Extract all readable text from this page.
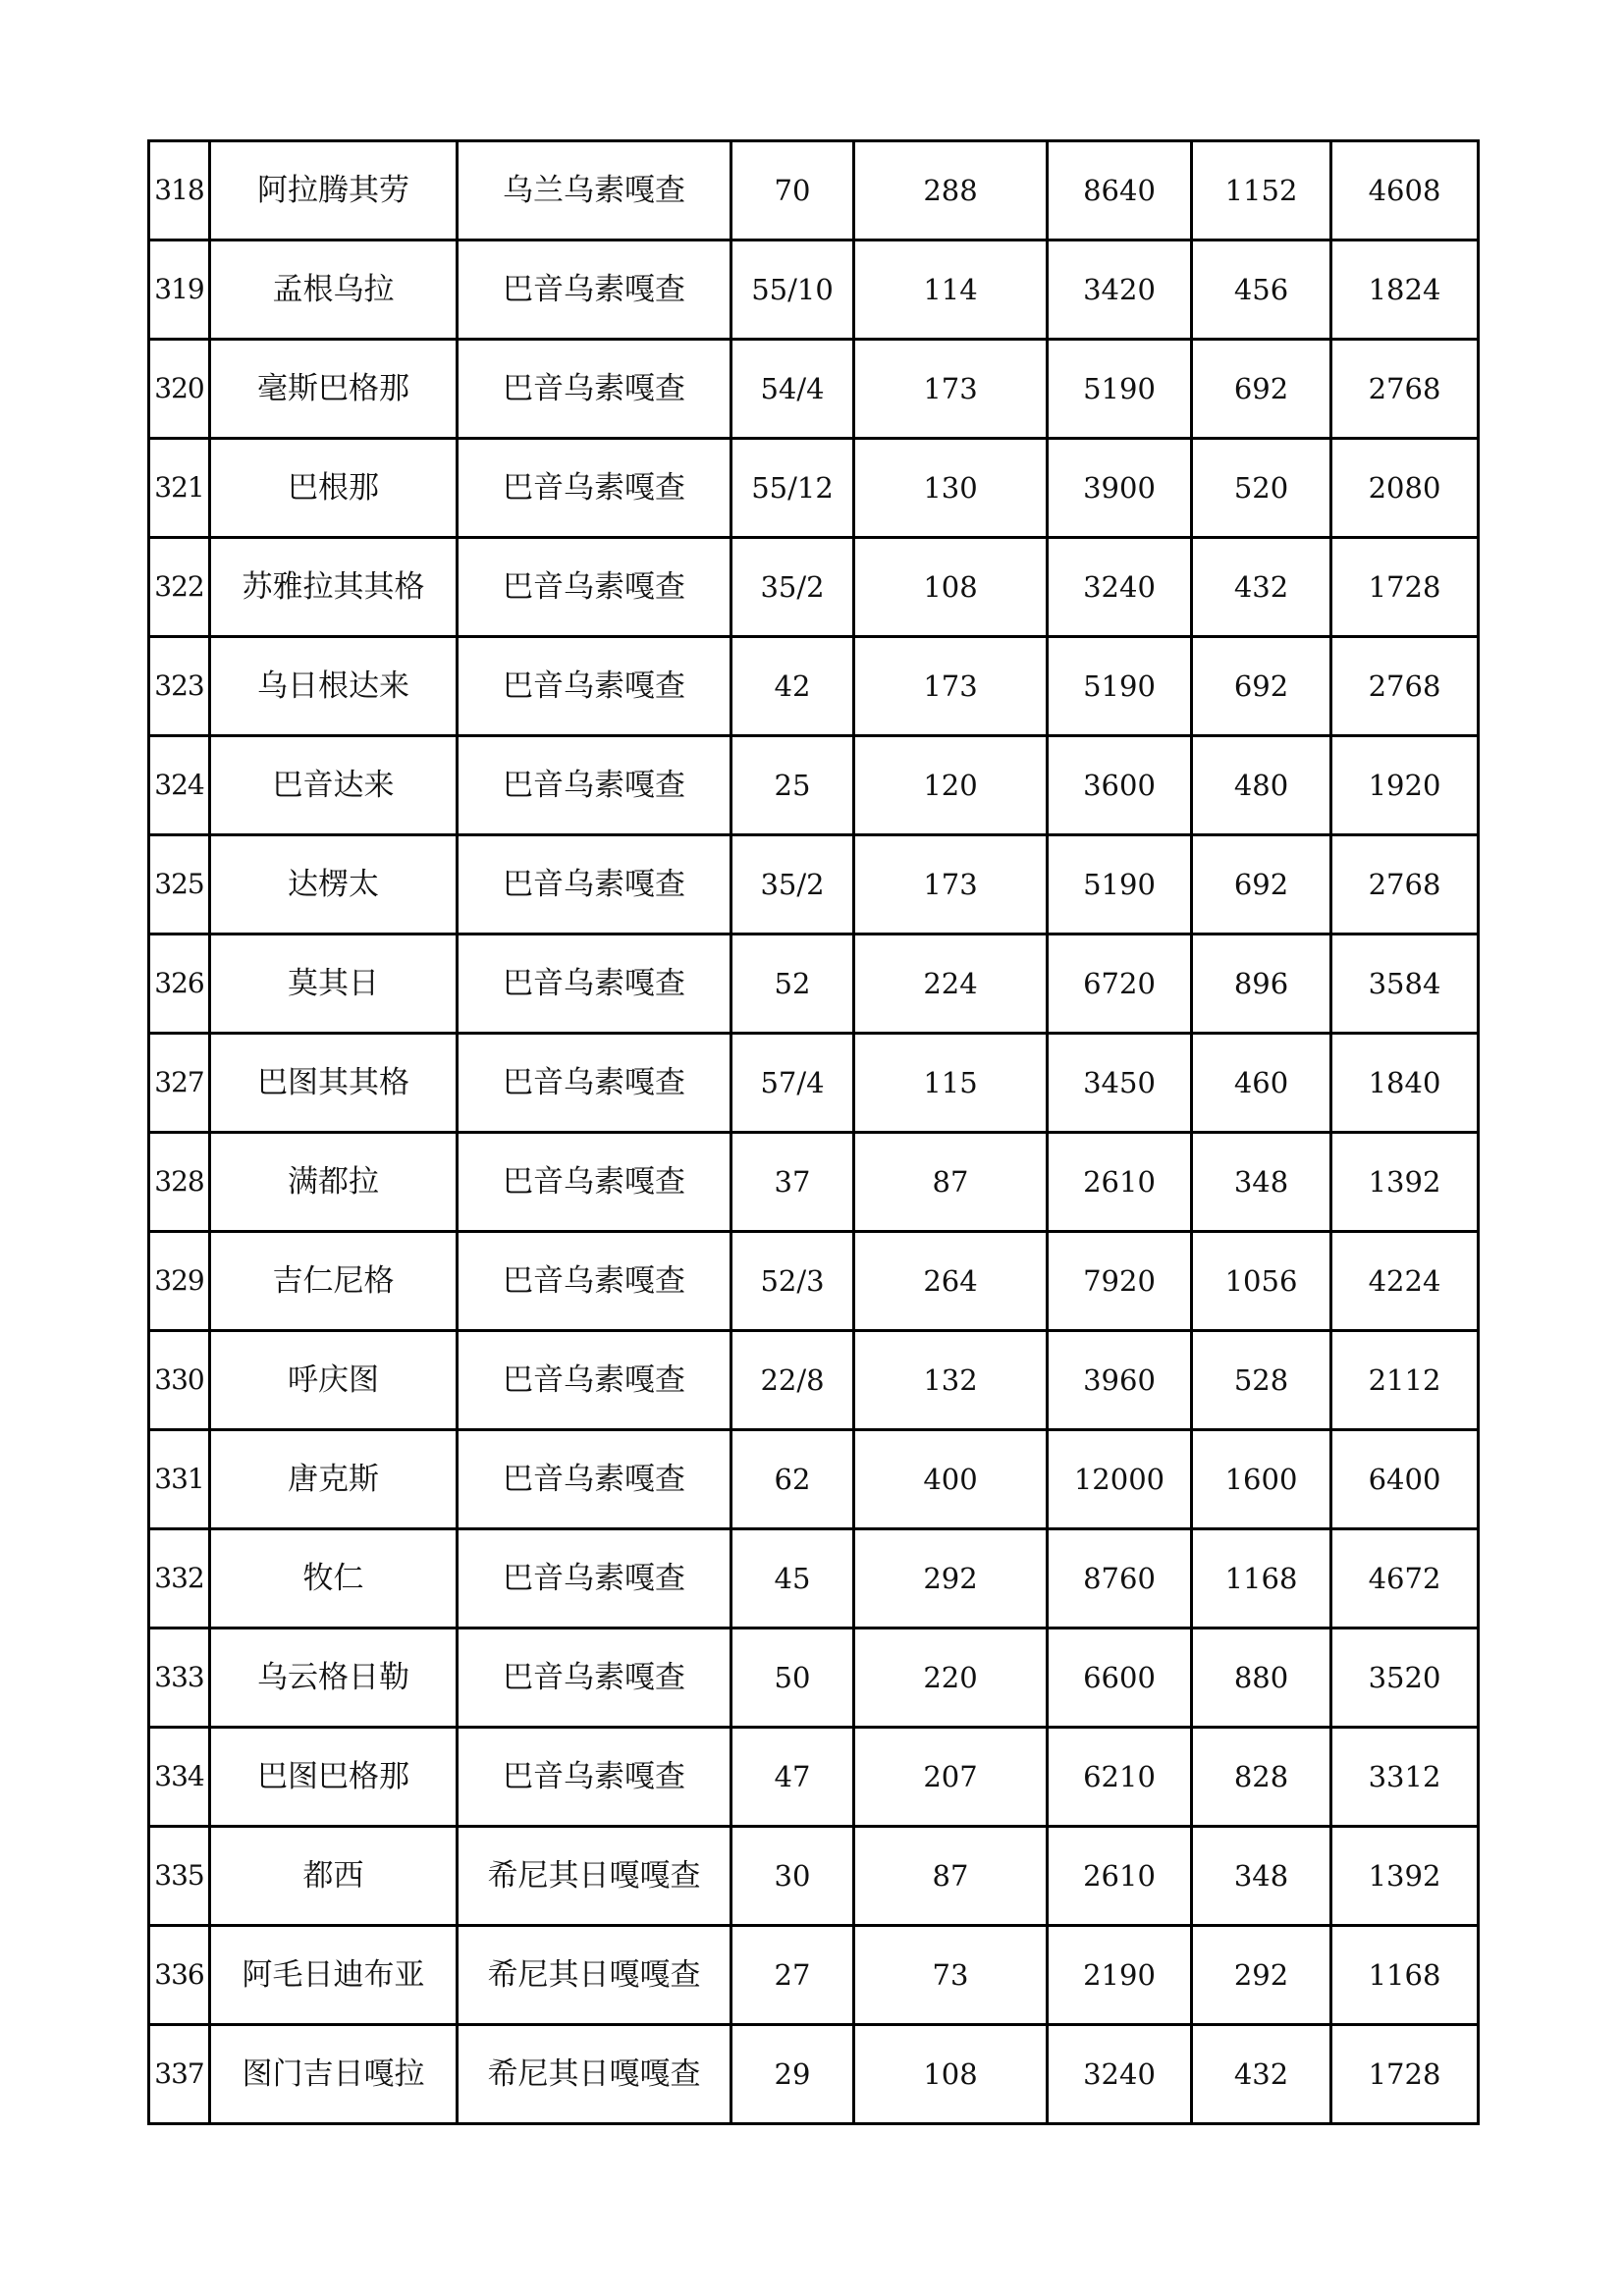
318	阿拉腾其劳	乌兰乌素嘎查	70	288	8640	1152	4608
319	孟根乌拉	巴音乌素嘎查	55/10	114	3420	456	1824
320	毫斯巴格那	巴音乌素嘎查	54/4	173	5190	692	2768
321	巴根那	巴音乌素嘎查	55/12	130	3900	520	2080
322	苏雅拉其其格	巴音乌素嘎查	35/2	108	3240	432	1728
323	乌日根达来	巴音乌素嘎查	42	173	5190	692	2768
324	巴音达来	巴音乌素嘎查	25	120	3600	480	1920
325	达楞太	巴音乌素嘎查	35/2	173	5190	692	2768
326	莫其日	巴音乌素嘎查	52	224	6720	896	3584
327	巴图其其格	巴音乌素嘎查	57/4	115	3450	460	1840
328	满都拉	巴音乌素嘎查	37	87	2610	348	1392
329	吉仁尼格	巴音乌素嘎查	52/3	264	7920	1056	4224
330	呼庆图	巴音乌素嘎查	22/8	132	3960	528	2112
331	唐克斯	巴音乌素嘎查	62	400	12000	1600	6400
332	牧仁	巴音乌素嘎查	45	292	8760	1168	4672
333	乌云格日勒	巴音乌素嘎查	50	220	6600	880	3520
334	巴图巴格那	巴音乌素嘎查	47	207	6210	828	3312
335	都西	希尼其日嘎嘎查	30	87	2610	348	1392
336	阿毛日迪布亚	希尼其日嘎嘎查	27	73	2190	292	1168
337	图门吉日嘎拉	希尼其日嘎嘎查	29	108	3240	432	1728
